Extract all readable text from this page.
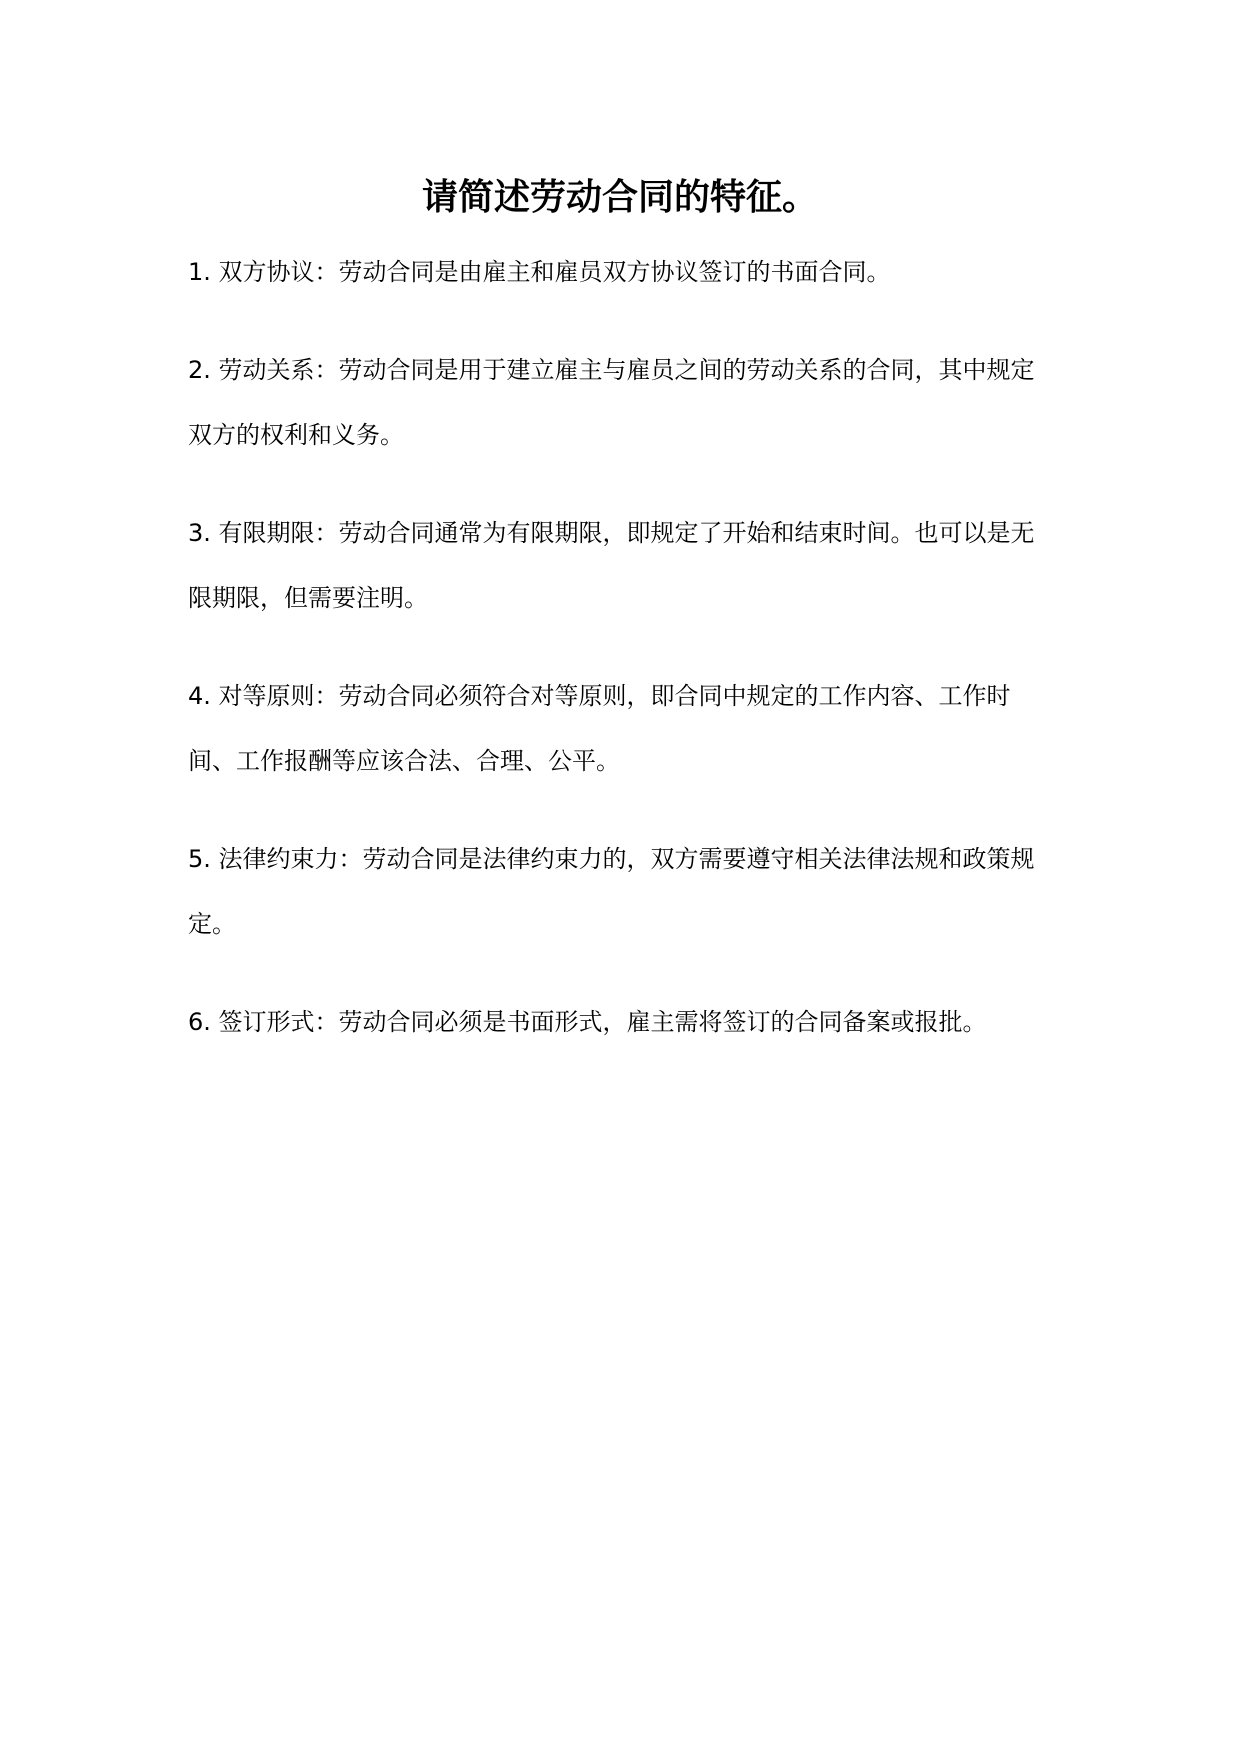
请简述劳动合同的特征。
1. 双方协议：劳动合同是由雇主和雇员双方协议签订的书面合同。
2. 劳动关系：劳动合同是用于建立雇主与雇员之间的劳动关系的合同，其中规定双方的权利和义务。
3. 有限期限：劳动合同通常为有限期限，即规定了开始和结束时间。也可以是无限期限，但需要注明。
4. 对等原则：劳动合同必须符合对等原则，即合同中规定的工作内容、工作时间、工作报酬等应该合法、合理、公平。
5. 法律约束力：劳动合同是法律约束力的，双方需要遵守相关法律法规和政策规定。
6. 签订形式：劳动合同必须是书面形式，雇主需将签订的合同备案或报批。
